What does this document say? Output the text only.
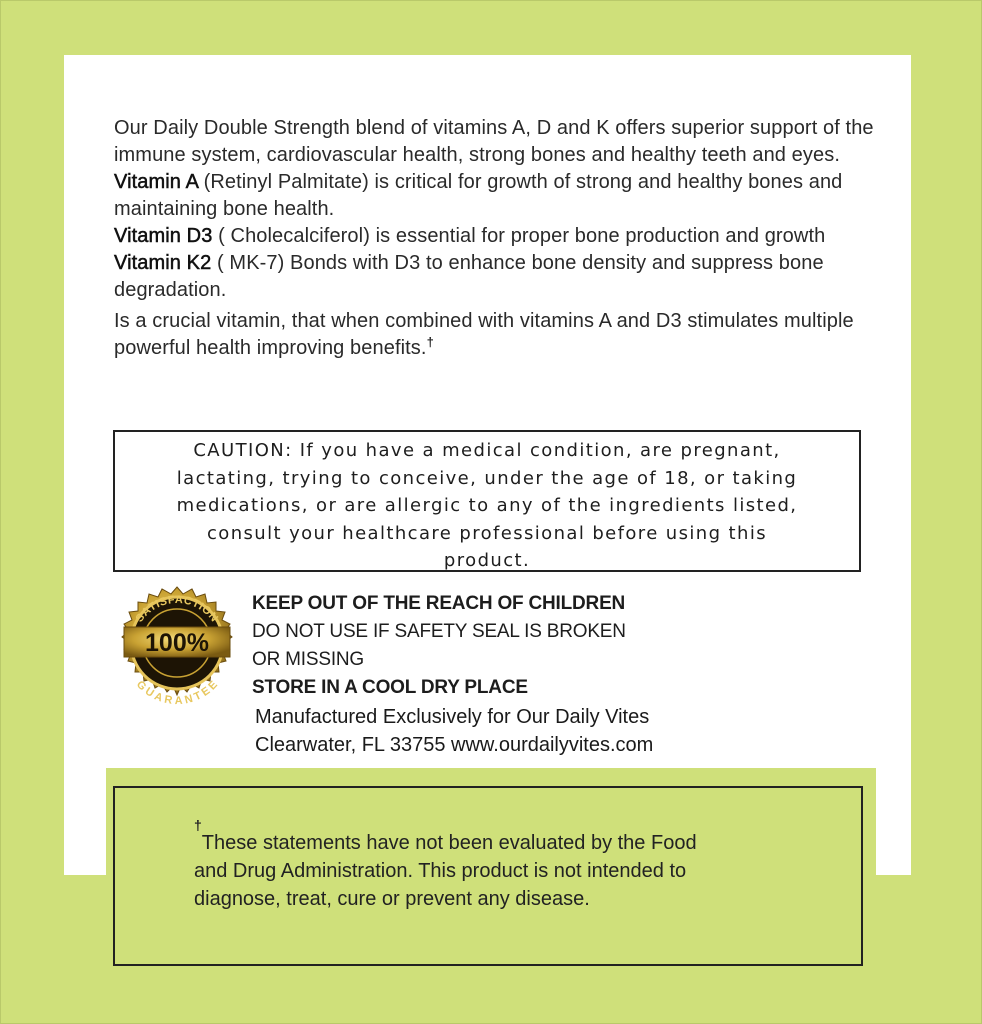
Our Daily Double Strength blend of vitamins A, D and K offers superior support of the immune system, cardiovascular health, strong bones and healthy teeth and eyes.

Vitamin A (Retinyl Palmitate) is critical for growth of strong and healthy bones and maintaining bone health.

Vitamin D3 ( Cholecalciferol) is essential for proper bone production and growth

Vitamin K2 ( MK-7) Bonds with D3 to enhance bone density and suppress bone degradation.

Is a crucial vitamin, that when combined with vitamins A and D3 stimulates multiple powerful health improving benefits.†

CAUTION: If you have a medical condition, are pregnant,
lactating, trying to conceive, under the age of 18, or taking
medications, or are allergic to any of the ingredients listed,
consult your healthcare professional before using this
product.
100%
SATISFACTION
GUARANTEE
KEEP OUT OF THE REACH OF CHILDREN
DO NOT USE IF SAFETY SEAL IS BROKEN
OR MISSING
STORE IN A COOL DRY PLACE
Manufactured Exclusively for Our Daily Vites
Clearwater, FL 33755 www.ourdailyvites.com
†These statements have not been evaluated by the Food
and Drug Administration. This product is not intended to
diagnose, treat, cure or prevent any disease.
